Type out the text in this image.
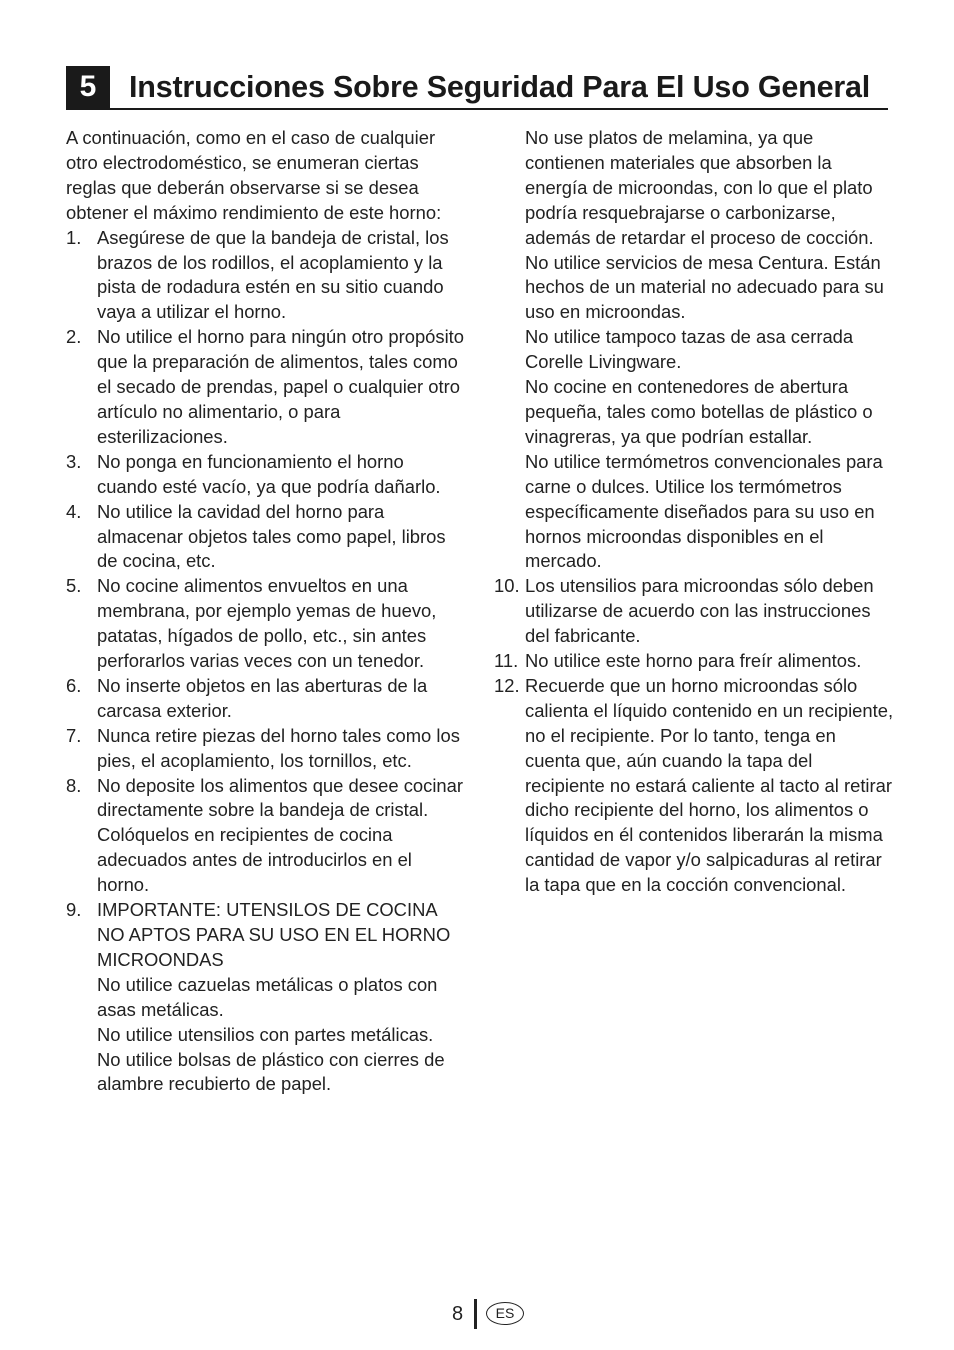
5	Instrucciones Sobre Seguridad Para El Uso General

A continuación, como en el caso de cualquier otro electrodoméstico, se enumeran ciertas reglas que deberán observarse si se desea obtener el máximo rendimiento de este horno:

1. Asegúrese de que la bandeja de cristal, los brazos de los rodillos, el acoplamiento y la pista de rodadura estén en su sitio cuando vaya a utilizar el horno.
2. No utilice el horno para ningún otro propósito que la preparación de alimentos, tales como el secado de prendas, papel o cualquier otro artículo no alimentario, o para esterilizaciones.
3. No ponga en funcionamiento el horno cuando esté vacío, ya que podría dañarlo.
4. No utilice la cavidad del horno para almacenar objetos tales como papel, libros de cocina, etc.
5. No cocine alimentos envueltos en una membrana, por ejemplo yemas de huevo, patatas, hígados de pollo, etc., sin antes perforarlos varias veces con un tenedor.
6. No inserte objetos en las aberturas de la carcasa exterior.
7. Nunca retire piezas del horno tales como los pies, el acoplamiento, los tornillos, etc.
8. No deposite los alimentos que desee cocinar directamente sobre la bandeja de cristal. Colóquelos en recipientes de cocina adecuados antes de introducirlos en el horno.
9. IMPORTANTE: UTENSILOS DE COCINA NO APTOS PARA SU USO EN EL HORNO MICROONDAS

No utilice cazuelas metálicas o platos con asas metálicas.

No utilice utensilios con partes metálicas.

No utilice bolsas de plástico con cierres de alambre recubierto de papel.

No use platos de melamina, ya que contienen materiales que absorben la energía de microondas, con lo que el plato podría resquebrajarse o carbonizarse, además de retardar el proceso de cocción.

No utilice servicios de mesa Centura. Están hechos de un material no adecuado para su uso en microondas.

No utilice tampoco tazas de asa cerrada Corelle Livingware.

No cocine en contenedores de abertura pequeña, tales como botellas de plástico o vinagreras, ya que podrían estallar.

No utilice termómetros convencionales para carne o dulces. Utilice los termómetros específicamente diseñados para su uso en hornos microondas disponibles en el mercado.

10. Los utensilios para microondas sólo deben utilizarse de acuerdo con las instrucciones del fabricante.
11. No utilice este horno para freír alimentos.
12. Recuerde que un horno microondas sólo calienta el líquido contenido en un recipiente, no el recipiente. Por lo tanto, tenga en cuenta que, aún cuando la tapa del recipiente no estará caliente al tacto al retirar dicho recipiente del horno, los alimentos o líquidos en él contenidos liberarán la misma cantidad de vapor y/o salpicaduras al retirar la tapa que en la cocción convencional.
8	ES
